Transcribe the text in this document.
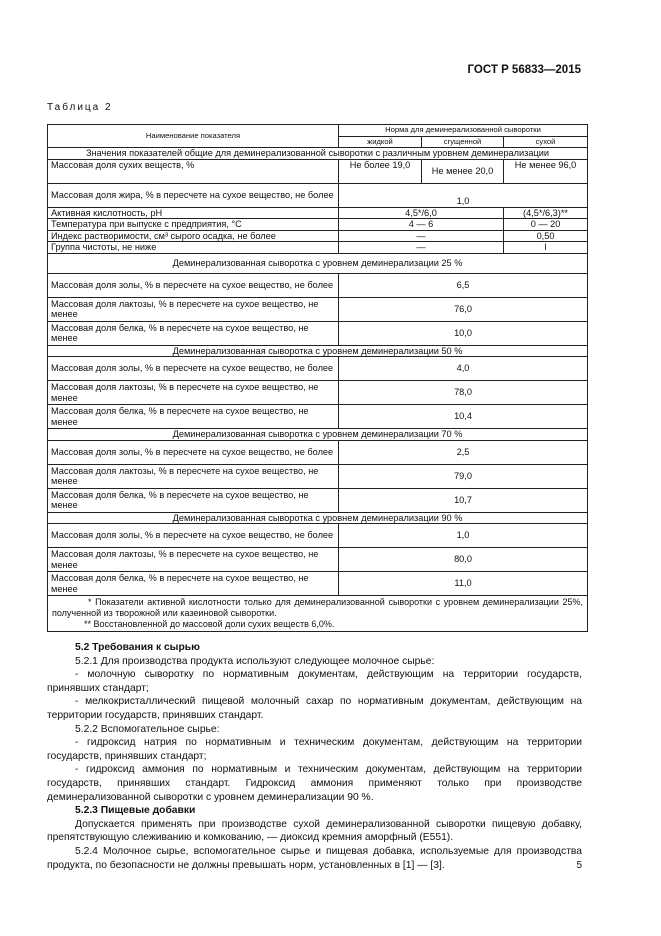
ГОСТ Р 56833—2015
Таблица 2
Наименование показателя	Норма для деминерализованной сыворотки		
	жидкой	сгущенной	сухой
Значения показателей общие для деминерализованной сыворотки с различным уровнем деминерализации			
Массовая доля сухих веществ, %	Не более 19,0	Не менее 20,0	Не менее 96,0
Массовая доля жира, % в пересчете на сухое вещество, не более	1,0		
Активная кислотность, pH	4,5*/6,0		(4,5*/6,3)**
Температура при выпуске с предприятия, °С	4 — 6		0 — 20
Индекс растворимости, см³ сырого осадка, не более	—		0,50
Группа чистоты, не ниже	—		I
Деминерализованная сыворотка с уровнем деминерализации 25 %			
Массовая доля золы, % в пересчете на сухое вещество, не более	6,5		
Массовая доля лактозы, % в пересчете на сухое вещество, не менее	76,0		
Массовая доля белка, % в пересчете на сухое вещество, не менее	10,0		
Деминерализованная сыворотка с уровнем деминерализации 50 %			
Массовая доля золы, % в пересчете на сухое вещество, не более	4,0		
Массовая доля лактозы, % в пересчете на сухое вещество, не менее	78,0		
Массовая доля белка, % в пересчете на сухое вещество, не менее	10,4		
Деминерализованная сыворотка с уровнем деминерализации 70 %			
Массовая доля золы, % в пересчете на сухое вещество, не более	2,5		
Массовая доля лактозы, % в пересчете на сухое вещество, не менее	79,0		
Массовая доля белка, % в пересчете на сухое вещество, не менее	10,7		
Деминерализованная сыворотка с уровнем деминерализации 90 %			
Массовая доля золы, % в пересчете на сухое вещество, не более	1,0		
Массовая доля лактозы, % в пересчете на сухое вещество, не менее	80,0		
Массовая доля белка, % в пересчете на сухое вещество, не менее	11,0		

* Показатели активной кислотности только для деминерализованной сыворотки с уровнем деминерализации 25%, полученной из творожной или казеиновой сыворотки.
** Восстановленной до массовой доли сухих веществ 6,0%.			

5.2 Требования к сырью

5.2.1 Для производства продукта используют следующее молочное сырье:

- молочную сыворотку по нормативным документам, действующим на территории государств, принявших стандарт;

- мелкокристаллический пищевой молочный сахар по нормативным документам, действующим на территории государств, принявших стандарт.

5.2.2 Вспомогательное сырье:

- гидроксид натрия по нормативным и техническим документам, действующим на территории государств, принявших стандарт;

- гидроксид аммония по нормативным и техническим документам, действующим на территории государств, принявших стандарт. Гидроксид аммония применяют только при производстве деминерализованной сыворотки с уровнем деминерализации 90 %.

5.2.3 Пищевые добавки

Допускается применять при производстве сухой деминерализованной сыворотки пищевую добавку, препятствующую слеживанию и комкованию, — диоксид кремния аморфный (Е551).

5.2.4 Молочное сырье, вспомогательное сырье и пищевая добавка, используемые для производства продукта, по безопасности не должны превышать норм, установленных в [1] — [3].	5
